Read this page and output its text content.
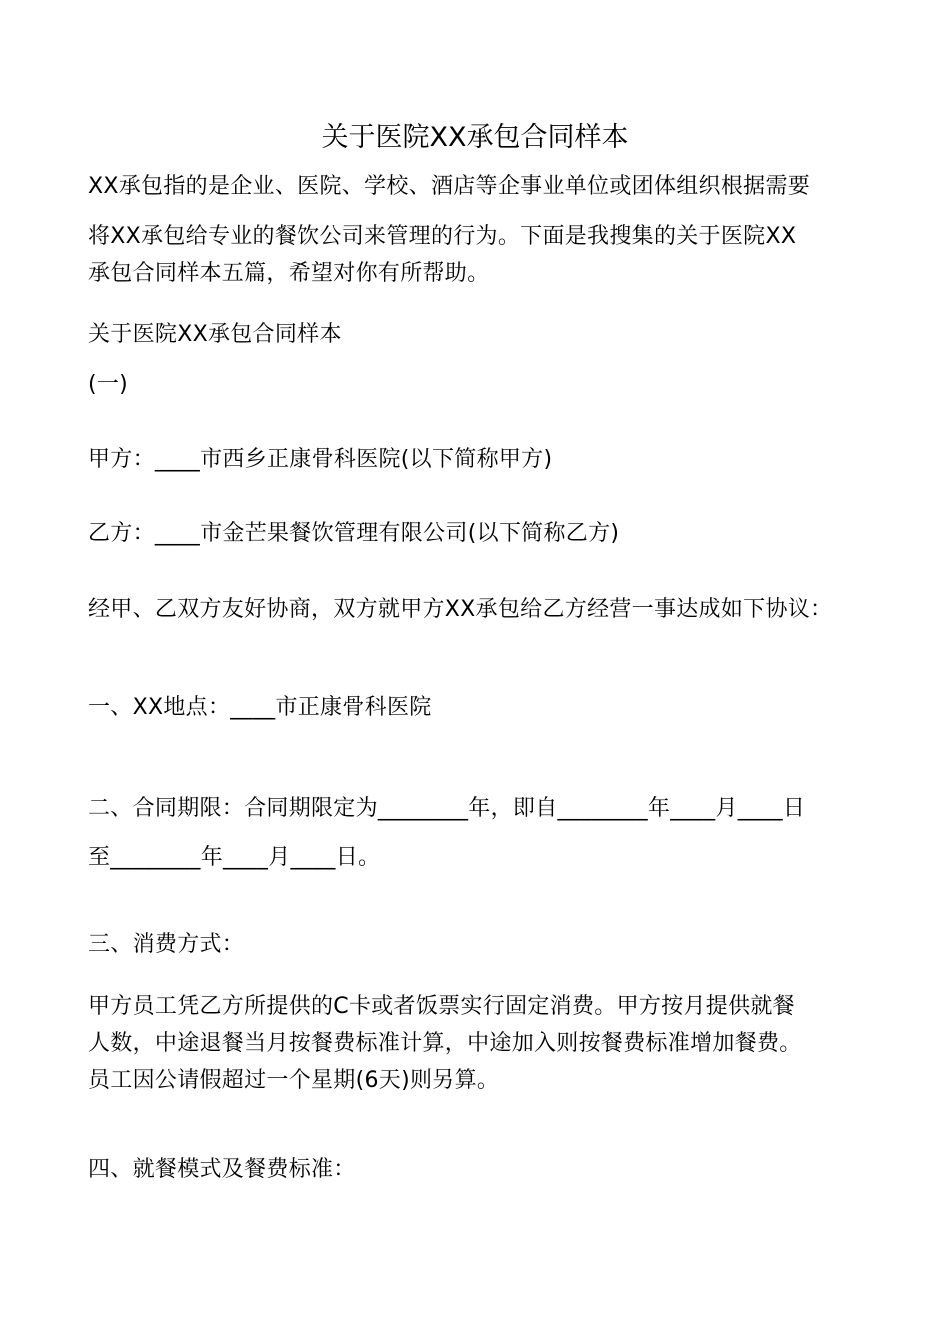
关于医院XX承包合同样本
XX承包指的是企业、医院、学校、酒店等企事业单位或团体组织根据需要
将XX承包给专业的餐饮公司来管理的行为。下面是我搜集的关于医院XX
承包合同样本五篇，希望对你有所帮助。
关于医院XX承包合同样本
(一)
甲方：____市西乡正康骨科医院(以下简称甲方)
乙方：____市金芒果餐饮管理有限公司(以下简称乙方)
经甲、乙双方友好协商，双方就甲方XX承包给乙方经营一事达成如下协议：
一、XX地点：____市正康骨科医院
二、合同期限：合同期限定为________年，即自________年____月____日
至________年____月____日。
三、消费方式：
甲方员工凭乙方所提供的C卡或者饭票实行固定消费。甲方按月提供就餐
人数，中途退餐当月按餐费标准计算，中途加入则按餐费标准增加餐费。
员工因公请假超过一个星期(6天)则另算。
四、就餐模式及餐费标准：
